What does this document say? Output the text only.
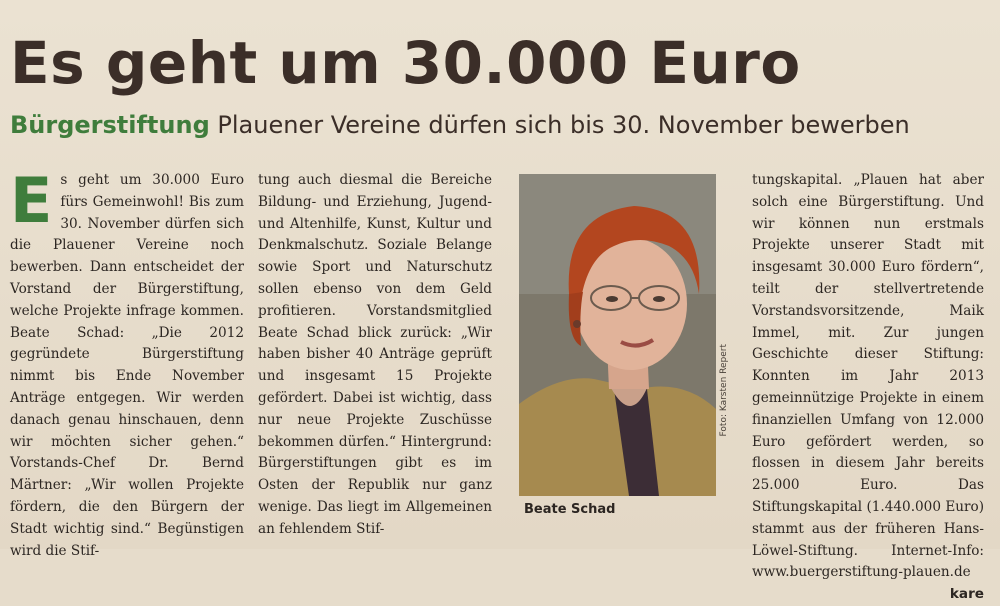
Es geht um 30.000 Euro
Bürgerstiftung Plauener Vereine dürfen sich bis 30. November bewerben
E s geht um 30.000 Euro fürs Gemeinwohl! Bis zum 30. November dürfen sich die Plauener Vereine noch bewerben. Dann entscheidet der Vorstand der Bürgerstiftung, welche Projekte infrage kommen. Beate Schad: „Die 2012 gegründete Bürgerstiftung nimmt bis Ende November Anträge entgegen. Wir werden danach genau hinschauen, denn wir möchten sicher gehen.“ Vorstands-Chef Dr. Bernd Märtner: „Wir wollen Projekte fördern, die den Bürgern der Stadt wichtig sind.“ Begünstigen wird die Stif-
tung auch diesmal die Bereiche Bildung- und Erziehung, Jugend- und Altenhilfe, Kunst, Kultur und Denkmalschutz. Soziale Belange sowie Sport und Naturschutz sollen ebenso von dem Geld profitieren. Vorstandsmitglied Beate Schad blick zurück: „Wir haben bisher 40 Anträge geprüft und insgesamt 15 Projekte gefördert. Dabei ist wichtig, dass nur neue Projekte Zuschüsse bekommen dürfen.“ Hintergrund: Bürgerstiftungen gibt es im Osten der Republik nur ganz wenige. Das liegt im Allgemeinen an fehlendem Stif-
Foto: Karsten Repert
Beate Schad
tungskapital. „Plauen hat aber solch eine Bürgerstiftung. Und wir können nun erstmals Projekte unserer Stadt mit insgesamt 30.000 Euro fördern“, teilt der stellvertretende Vorstandsvorsitzende, Maik Immel, mit. Zur jungen Geschichte dieser Stiftung: Konnten im Jahr 2013 gemeinnützige Projekte in einem finanziellen Umfang von 12.000 Euro gefördert werden, so flossen in diesem Jahr bereits 25.000 Euro. Das Stiftungskapital (1.440.000 Euro) stammt aus der früheren Hans-Löwel-Stiftung. Internet-Info: www.buergerstiftung-plauen.de
kare
